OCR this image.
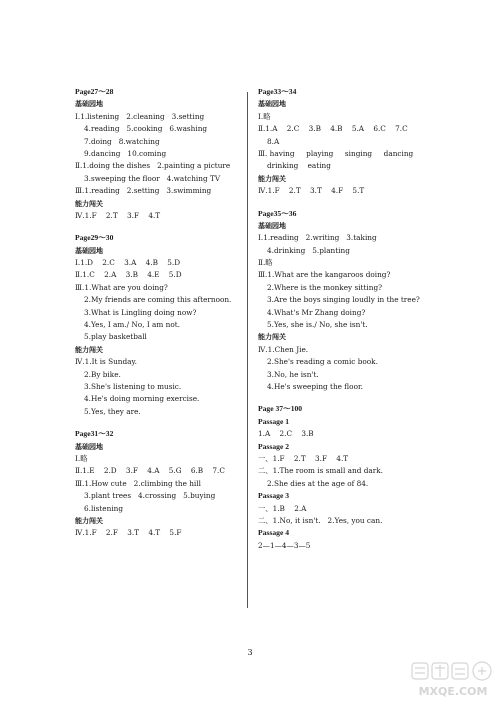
Page27～28
基础园地
Ⅰ.1.listening   2.cleaning   3.setting
4.reading   5.cooking   6.washing
7.doing   8.watching
9.dancing   10.coming
Ⅱ.1.doing the dishes   2.painting a picture
3.sweeping the floor   4.watching TV
Ⅲ.1.reading   2.setting   3.swimming
能力闯关
Ⅳ.1.F    2.T    3.F    4.T
Page29～30
基础园地
Ⅰ.1.D    2.C    3.A    4.B    5.D
Ⅱ.1.C    2.A    3.B    4.E    5.D
Ⅲ.1.What are you doing?
2.My friends are coming this afternoon.
3.What is Lingling doing now?
4.Yes, I am./ No, I am not.
5.play basketball
能力闯关
Ⅳ.1.It is Sunday.
2.By bike.
3.She's listening to music.
4.He's doing morning exercise.
5.Yes, they are.
Page31～32
基础园地
Ⅰ.略
Ⅱ.1.E    2.D    3.F    4.A    5.G    6.B    7.C
Ⅲ.1.How cute   2.climbing the hill
3.plant trees   4.crossing   5.buying
6.listening
能力闯关
Ⅳ.1.F    2.F    3.T    4.T    5.F
Page33～34
基础园地
Ⅰ.略
Ⅱ.1.A    2.C    3.B    4.B    5.A    6.C    7.C
8.A
Ⅲ. having     playing     singing     dancing
drinking    eating
能力闯关
Ⅳ.1.F    2.T    3.T    4.F    5.T
Page35～36
基础园地
Ⅰ.1.reading   2.writing   3.taking
4.drinking   5.planting
Ⅱ.略
Ⅲ.1.What are the kangaroos doing?
2.Where is the monkey sitting?
3.Are the boys singing loudly in the tree?
4.What's Mr Zhang doing?
5.Yes, she is./ No, she isn't.
能力闯关
Ⅳ.1.Chen Jie.
2.She's reading a comic book.
3.No, he isn't.
4.He's sweeping the floor.
Page 37～100
Passage 1
1.A    2.C    3.B
Passage 2
一、1.F    2.T    3.F    4.T
二、1.The room is small and dark.
2.She dies at the age of 84.
Passage 3
一、1.B    2.A
二、1.No, it isn't.   2.Yes, you can.
Passage 4
2—1—4—3—5
3
MXQE.COM
